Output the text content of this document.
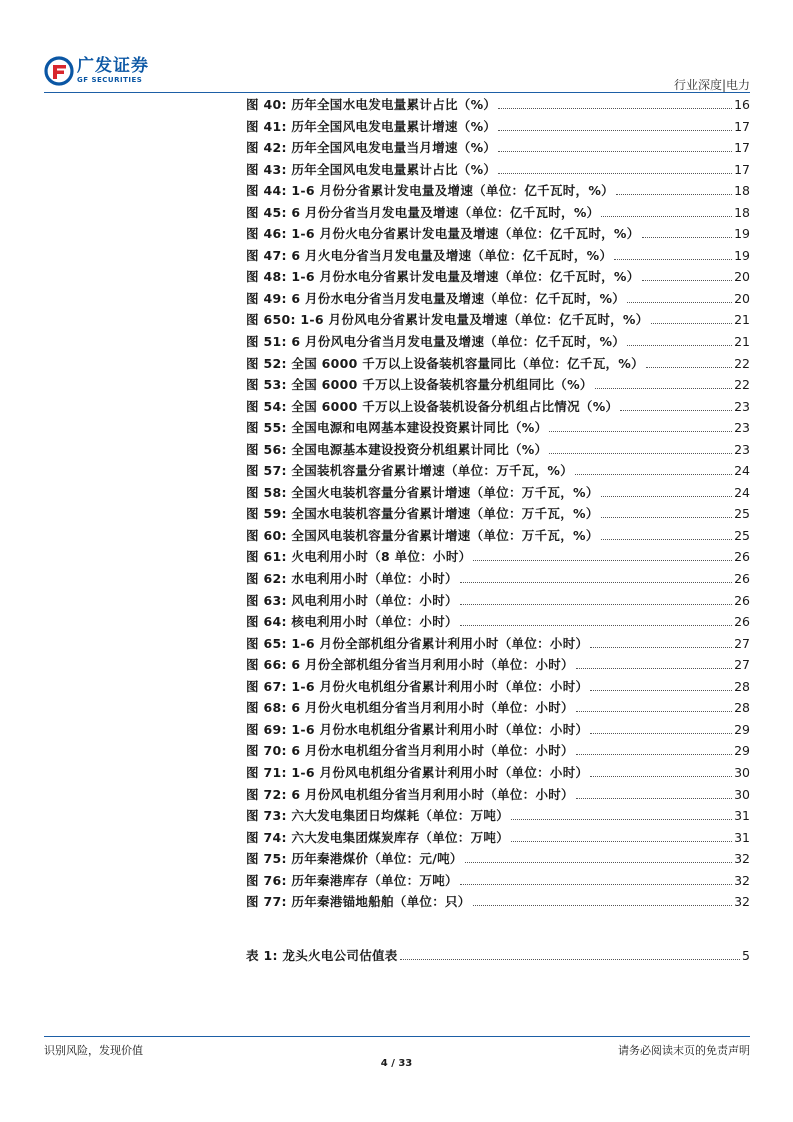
广发证券
GF SECURITIES	行业深度|电力
图 40: 历年全国水电发电量累计占比（%）	16
图 41: 历年全国风电发电量累计增速（%）	17
图 42: 历年全国风电发电量当月增速（%）	17
图 43: 历年全国风电发电量累计占比（%）	17
图 44: 1-6 月份分省累计发电量及增速（单位：亿千瓦时，%）	18
图 45: 6 月份分省当月发电量及增速（单位：亿千瓦时，%）	18
图 46: 1-6 月份火电分省累计发电量及增速（单位：亿千瓦时，%）	19
图 47: 6 月火电分省当月发电量及增速（单位：亿千瓦时，%）	19
图 48: 1-6 月份水电分省累计发电量及增速（单位：亿千瓦时，%）	20
图 49: 6 月份水电分省当月发电量及增速（单位：亿千瓦时，%）	20
图 650: 1-6 月份风电分省累计发电量及增速（单位：亿千瓦时，%）	21
图 51: 6 月份风电分省当月发电量及增速（单位：亿千瓦时，%）	21
图 52: 全国 6000 千万以上设备装机容量同比（单位：亿千瓦，%）	22
图 53: 全国 6000 千万以上设备装机容量分机组同比（%）	22
图 54: 全国 6000 千万以上设备装机设备分机组占比情况（%）	23
图 55: 全国电源和电网基本建设投资累计同比（%）	23
图 56: 全国电源基本建设投资分机组累计同比（%）	23
图 57: 全国装机容量分省累计增速（单位：万千瓦，%）	24
图 58: 全国火电装机容量分省累计增速（单位：万千瓦，%）	24
图 59: 全国水电装机容量分省累计增速（单位：万千瓦，%）	25
图 60: 全国风电装机容量分省累计增速（单位：万千瓦，%）	25
图 61: 火电利用小时（8 单位：小时）	26
图 62: 水电利用小时（单位：小时）	26
图 63: 风电利用小时（单位：小时）	26
图 64: 核电利用小时（单位：小时）	26
图 65: 1-6 月份全部机组分省累计利用小时（单位：小时）	27
图 66: 6 月份全部机组分省当月利用小时（单位：小时）	27
图 67: 1-6 月份火电机组分省累计利用小时（单位：小时）	28
图 68: 6 月份火电机组分省当月利用小时（单位：小时）	28
图 69: 1-6 月份水电机组分省累计利用小时（单位：小时）	29
图 70: 6 月份水电机组分省当月利用小时（单位：小时）	29
图 71: 1-6 月份风电机组分省累计利用小时（单位：小时）	30
图 72: 6 月份风电机组分省当月利用小时（单位：小时）	30
图 73: 六大发电集团日均煤耗（单位：万吨）	31
图 74: 六大发电集团煤炭库存（单位：万吨）	31
图 75: 历年秦港煤价（单位：元/吨）	32
图 76: 历年秦港库存（单位：万吨）	32
图 77: 历年秦港锚地船舶（单位：只）	32
表 1: 龙头火电公司估值表	5
识别风险，发现价值	请务必阅读末页的免责声明
4 / 33
